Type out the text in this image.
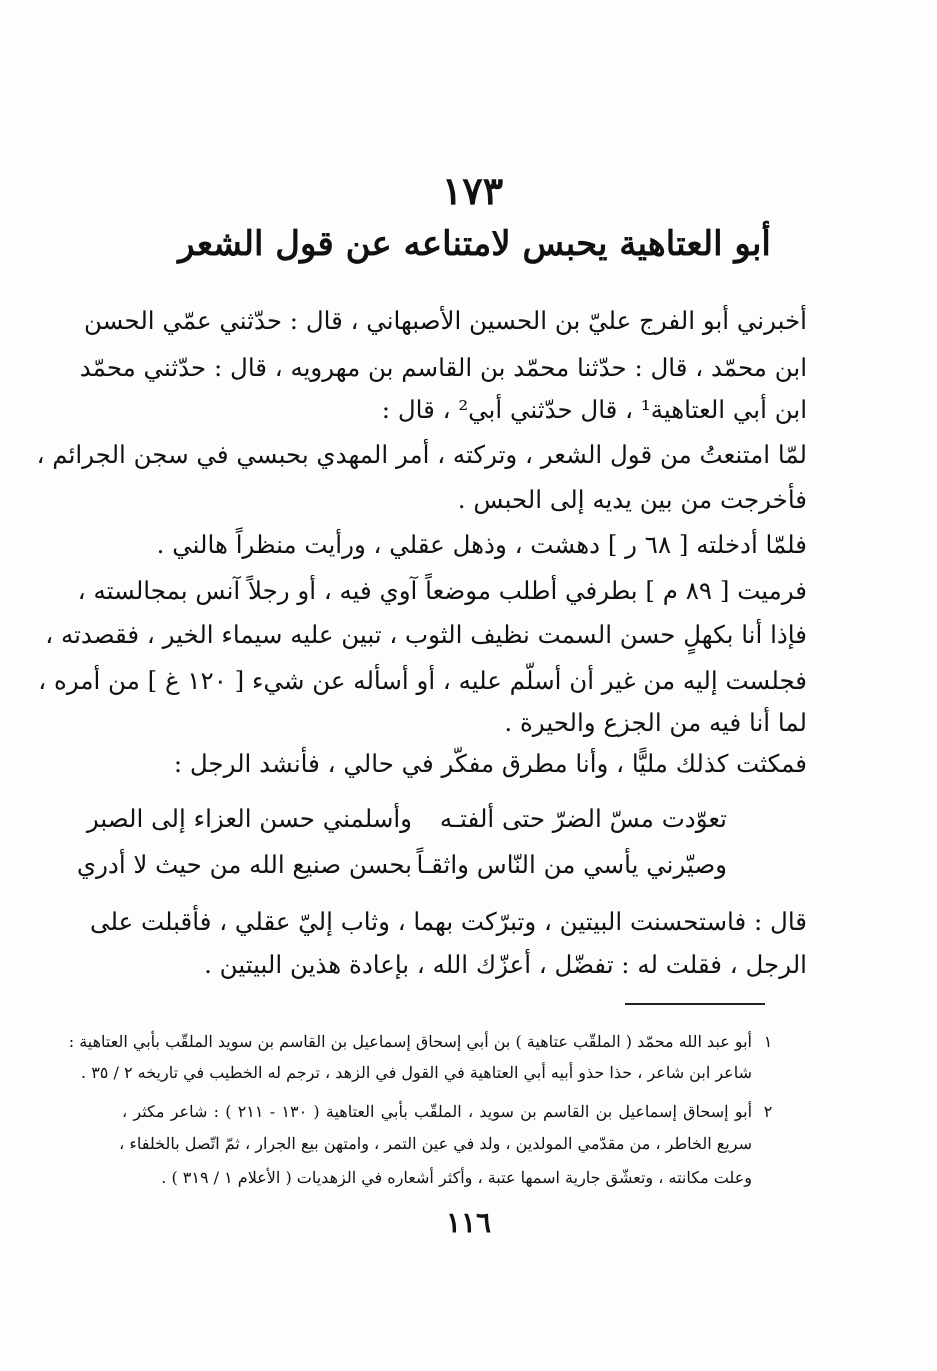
١٧٣
أبو العتاهية يحبس لامتناعه عن قول الشعر
أخبرني أبو الفرج عليّ بن الحسين الأصبهاني ، قال : حدّثني عمّي الحسن
ابن محمّد ، قال : حدّثنا محمّد بن القاسم بن مهرويه ، قال : حدّثني محمّد
ابن أبي العتاهية¹ ، قال حدّثني أبي² ، قال :
لمّا امتنعتُ من قول الشعر ، وتركته ، أمر المهدي بحبسي في سجن الجرائم ،
فأخرجت من بين يديه إلى الحبس .
فلمّا أدخلته [ ٦٨ ر ] دهشت ، وذهل عقلي ، ورأيت منظراً هالني .
فرميت [ ٨٩ م ] بطرفي أطلب موضعاً آوي فيه ، أو رجلاً آنس بمجالسته ،
فإذا أنا بكهلٍ حسن السمت نظيف الثوب ، تبين عليه سيماء الخير ، فقصدته ،
فجلست إليه من غير أن أسلّم عليه ، أو أسأله عن شيء [ ١٢٠ غ ] من أمره ،
لما أنا فيه من الجزع والحيرة .
فمكثت كذلك مليًّا ، وأنا مطرق مفكّر في حالي ، فأنشد الرجل :
تعوّدت مسّ الضرّ حتى ألفتـه
وأسلمني حسن العزاء إلى الصبر
وصيّرني يأسي من النّاس واثقـاً
بحسن صنيع الله من حيث لا أدري
قال : فاستحسنت البيتين ، وتبرّكت بهما ، وثاب إليّ عقلي ، فأقبلت على
الرجل ، فقلت له : تفضّل ، أعزّك الله ، بإعادة هذين البيتين .
١
أبو عبد الله محمّد ( الملقّب عتاهية ) بن أبي إسحاق إسماعيل بن القاسم بن سويد الملقّب بأبي العتاهية :
شاعر ابن شاعر ، حذا حذو أبيه أبي العتاهية في القول في الزهد ، ترجم له الخطيب في تاريخه ٢ / ٣٥ .
٢
أبو إسحاق إسماعيل بن القاسم بن سويد ، الملقّب بأبي العتاهية ( ١٣٠ - ٢١١ ) : شاعر مكثر ،
سريع الخاطر ، من مقدّمي المولدين ، ولد في عين التمر ، وامتهن بيع الجرار ، ثمّ اتّصل بالخلفاء ،
وعلت مكانته ، وتعشّق جارية اسمها عتبة ، وأكثر أشعاره في الزهديات ( الأعلام ١ / ٣١٩ ) .
١١٦
